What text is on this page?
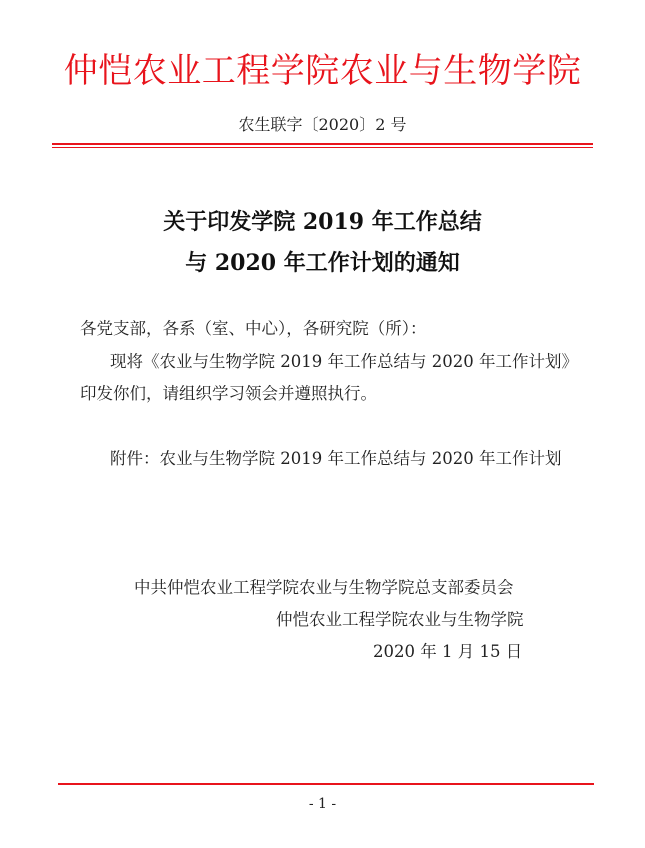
仲恺农业工程学院农业与生物学院
农生联字〔2020〕2 号
关于印发学院 2019 年工作总结
与 2020 年工作计划的通知
各党支部，各系（室、中心），各研究院（所）：
现将《农业与生物学院 2019 年工作总结与 2020 年工作计划》
印发你们，请组织学习领会并遵照执行。
附件：农业与生物学院 2019 年工作总结与 2020 年工作计划
中共仲恺农业工程学院农业与生物学院总支部委员会
仲恺农业工程学院农业与生物学院
2020 年 1 月 15 日
- 1 -
